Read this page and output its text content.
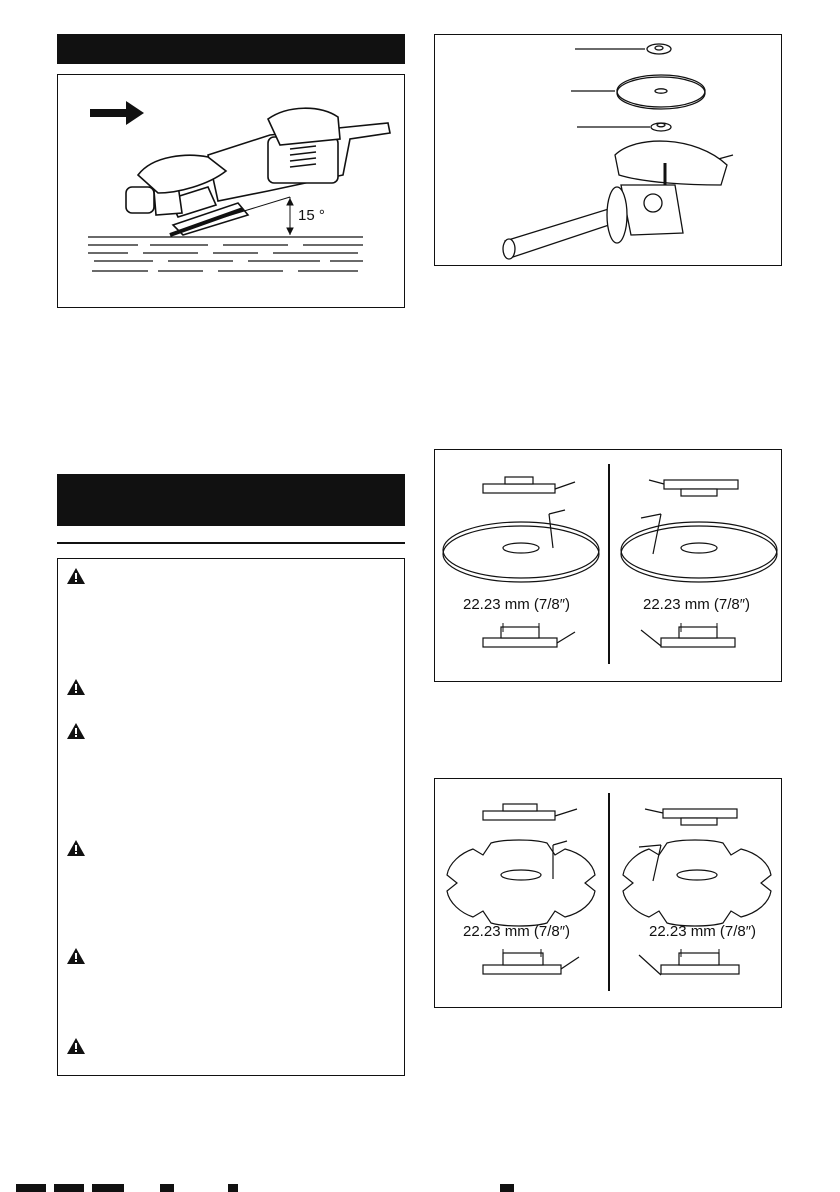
15 °
22.23 mm (7/8″)	22.23 mm (7/8″)
22.23 mm (7/8″)	22.23 mm (7/8″)
